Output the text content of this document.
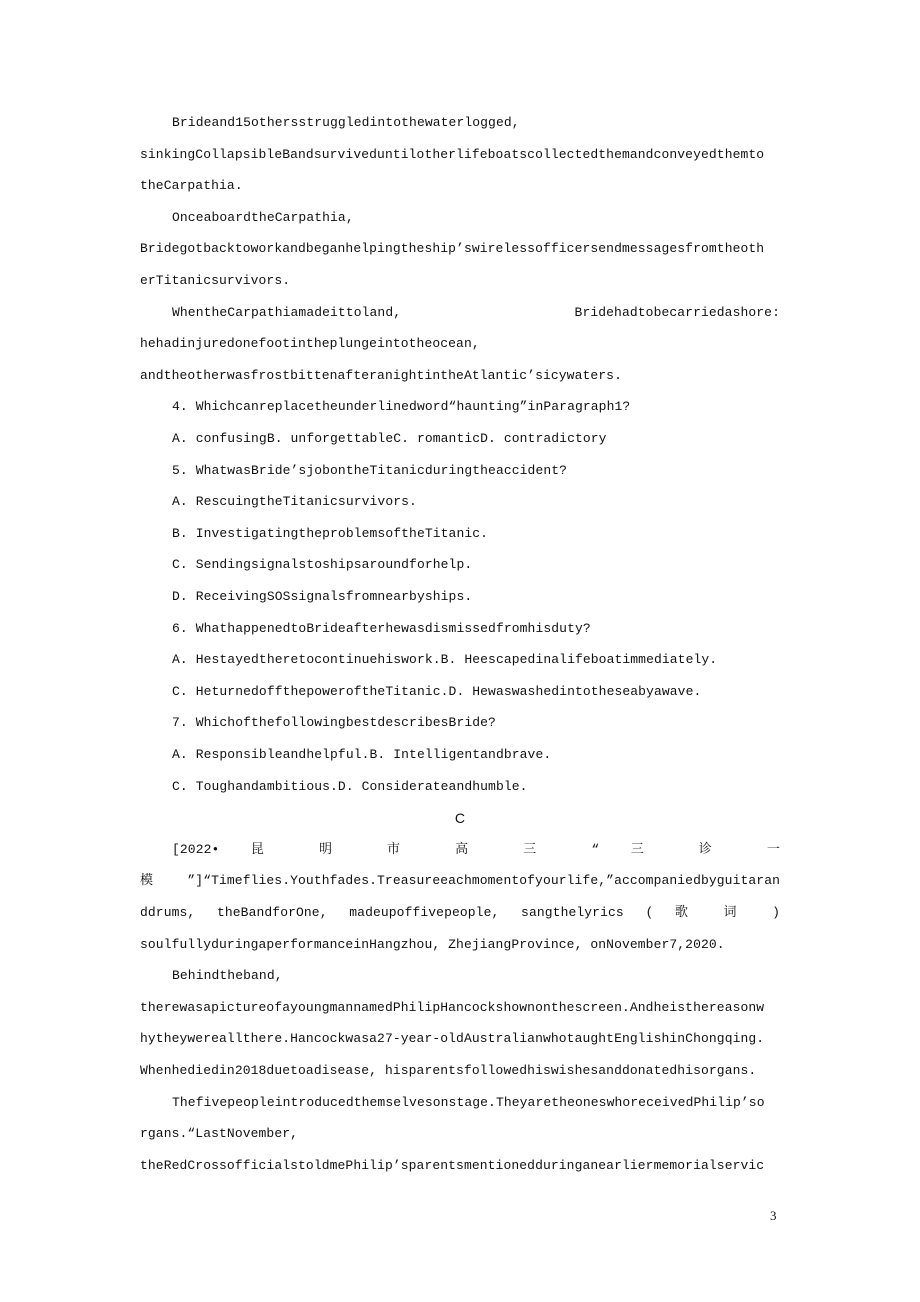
3
Brideand15othersstruggledintothewaterlogged,
sinkingCollapsibleBandsurviveduntilotherlifeboatscollectedthemandconveyedthemto
theCarpathia.
OnceaboardtheCarpathia,
Bridegotbacktoworkandbeganhelpingtheship’swirelessofficersendmessagesfromtheoth
erTitanicsurvivors.
WhentheCarpathiamadeittoland, Bridehadtobecarriedashore:
hehadinjuredonefootintheplungeintotheocean,
andtheotherwasfrostbittenafteranightintheAtlantic’sicywaters.
4. Whichcanreplacetheunderlinedword“haunting”inParagraph1?
A. confusingB. unforgettableC. romanticD. contradictory
5. WhatwasBride’sjobontheTitanicduringtheaccident?
A. RescuingtheTitanicsurvivors.
B. InvestigatingtheproblemsoftheTitanic.
C. Sendingsignalstoshipsaroundforhelp.
D. ReceivingSOSsignalsfromnearbyships.
6. WhathappenedtoBrideafterhewasdismissedfromhisduty?
A. Hestayedtheretocontinuehiswork.B. Heescapedinalifeboatimmediately.
C. HeturnedoffthepoweroftheTitanic.D. Hewaswashedintotheseabyawave.
7. WhichofthefollowingbestdescribesBride?
A. Responsibleandhelpful.B. Intelligentandbrave.
C. Toughandambitious.D. Considerateandhumble.
C
[2022• 昆 明 市 高 三 “ 三 诊 一
模”]“Timeflies.Youthfades.Treasureeachmomentofyourlife,”accompaniedbyguitaran
ddrums, theBandforOne, madeupoffivepeople, sangthelyrics ( 歌 词 )
soulfullyduringaperformanceinHangzhou, ZhejiangProvince, onNovember7,2020.
Behindtheband,
therewasapictureofayoungmannamedPhilipHancockshownonthescreen.Andheisthereasonw
hytheywereallthere.Hancockwasa27-year-oldAustralianwhotaughtEnglishinChongqing.
Whenhediedin2018duetoadisease, hisparentsfollowedhiswishesanddonatedhisorgans.
Thefivepeopleintroducedthemselvesonstage.TheyaretheoneswhoreceivedPhilip’so
rgans.“LastNovember,
theRedCrossofficialstoldmePhilip’sparentsmentionedduringanearliermemorialservic
